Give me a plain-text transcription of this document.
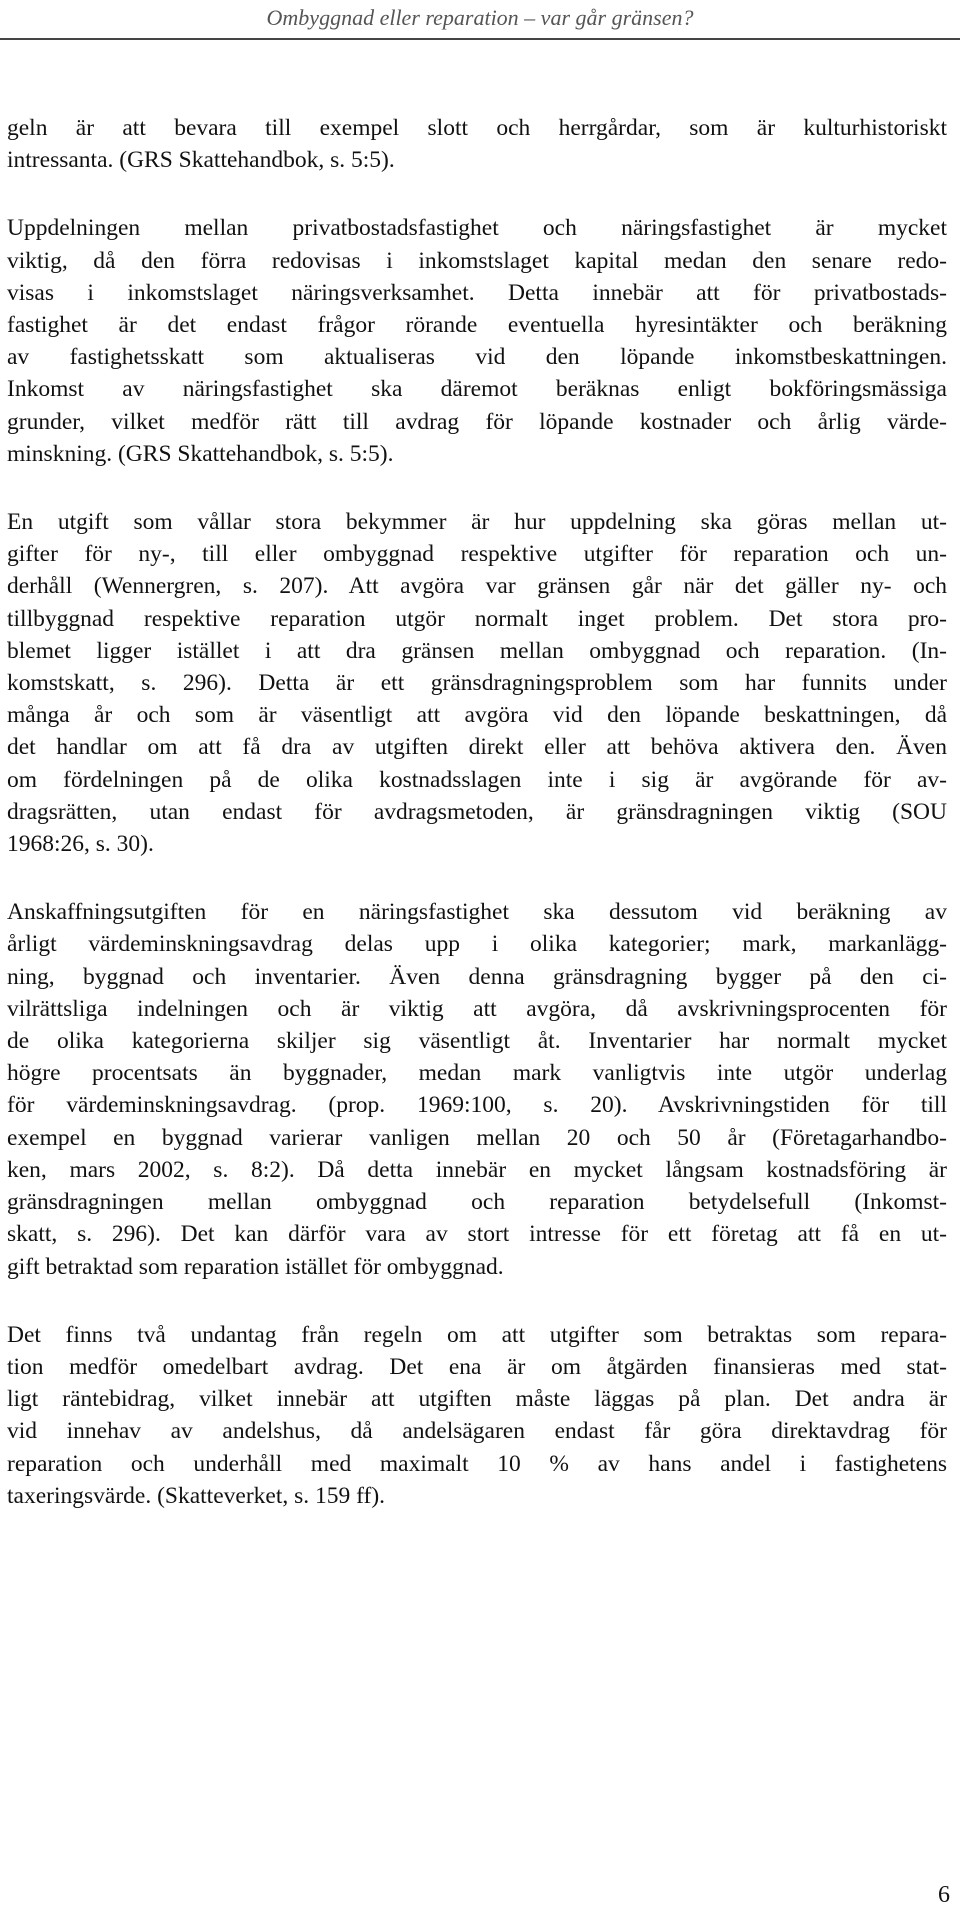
Ombyggnad eller reparation – var går gränsen?
geln är att bevara till exempel slott och herrgårdar, som är kulturhistoriskt
intressanta. (GRS Skattehandbok, s. 5:5).
Uppdelningen mellan privatbostadsfastighet och näringsfastighet är mycket
viktig, då den förra redovisas i inkomstslaget kapital medan den senare redo-
visas i inkomstslaget näringsverksamhet. Detta innebär att för privatbostads-
fastighet är det endast frågor rörande eventuella hyresintäkter och beräkning
av fastighetsskatt som aktualiseras vid den löpande inkomstbeskattningen.
Inkomst av näringsfastighet ska däremot beräknas enligt bokföringsmässiga
grunder, vilket medför rätt till avdrag för löpande kostnader och årlig värde-
minskning. (GRS Skattehandbok, s. 5:5).
En utgift som vållar stora bekymmer är hur uppdelning ska göras mellan ut-
gifter för ny-, till eller ombyggnad respektive utgifter för reparation och un-
derhåll (Wennergren, s. 207). Att avgöra var gränsen går när det gäller ny- och
tillbyggnad respektive reparation utgör normalt inget problem. Det stora pro-
blemet ligger istället i att dra gränsen mellan ombyggnad och reparation. (In-
komstskatt, s. 296). Detta är ett gränsdragningsproblem som har funnits under
många år och som är väsentligt att avgöra vid den löpande beskattningen, då
det handlar om att få dra av utgiften direkt eller att behöva aktivera den. Även
om fördelningen på de olika kostnadsslagen inte i sig är avgörande för av-
dragsrätten, utan endast för avdragsmetoden, är gränsdragningen viktig (SOU
1968:26, s. 30).
Anskaffningsutgiften för en näringsfastighet ska dessutom vid beräkning av
årligt värdeminskningsavdrag delas upp i olika kategorier; mark, markanlägg-
ning, byggnad och inventarier. Även denna gränsdragning bygger på den ci-
vilrättsliga indelningen och är viktig att avgöra, då avskrivningsprocenten för
de olika kategorierna skiljer sig väsentligt åt. Inventarier har normalt mycket
högre procentsats än byggnader, medan mark vanligtvis inte utgör underlag
för värdeminskningsavdrag. (prop. 1969:100, s. 20). Avskrivningstiden för till
exempel en byggnad varierar vanligen mellan 20 och 50 år (Företagarhandbo-
ken, mars 2002, s. 8:2). Då detta innebär en mycket långsam kostnadsföring är
gränsdragningen mellan ombyggnad och reparation betydelsefull (Inkomst-
skatt, s. 296). Det kan därför vara av stort intresse för ett företag att få en ut-
gift betraktad som reparation istället för ombyggnad.
Det finns två undantag från regeln om att utgifter som betraktas som repara-
tion medför omedelbart avdrag. Det ena är om åtgärden finansieras med stat-
ligt räntebidrag, vilket innebär att utgiften måste läggas på plan. Det andra är
vid innehav av andelshus, då andelsägaren endast får göra direktavdrag för
reparation och underhåll med maximalt 10 % av hans andel i fastighetens
taxeringsvärde. (Skatteverket, s. 159 ff).
6
